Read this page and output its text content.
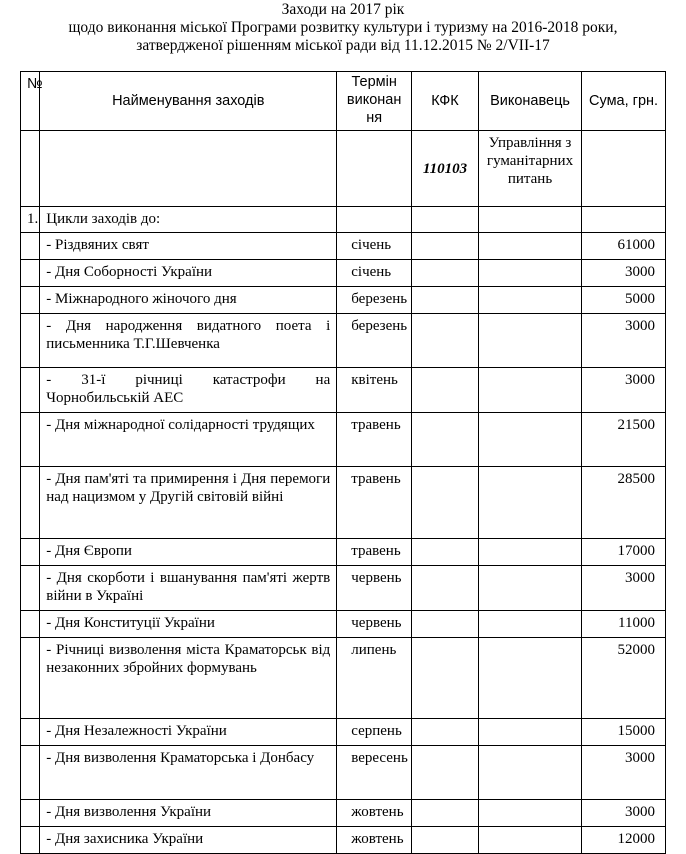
Заходи на 2017 рік
щодо виконання міської Програми розвитку культури і туризму на 2016-2018 роки,
затвердженої рішенням міської ради від 11.12.2015 № 2/VII-17
№	Найменування заходів	Термін виконан ня	КФК	Виконавець	Сума, грн.
			110103	Управління з гуманітарних питань	
1.	Цикли заходів до:				
	- Різдвяних свят	січень			61000
	- Дня Соборності України	січень			3000
	- Міжнародного жіночого дня	березень			5000
	- Дня народження видатного поета і письменника Т.Г.Шевченка	березень			3000
	- 31-ї річниці катастрофи на Чорнобильській АЕС	квітень			3000
	- Дня міжнародної солідарності трудящих	травень			21500
	- Дня пам'яті та примирення і Дня перемоги над нацизмом у Другій світовій війні	травень			28500
	- Дня Європи	травень			17000
	- Дня скорботи і вшанування пам'яті жертв війни в Україні	червень			3000
	- Дня Конституції України	червень			11000
	- Річниці визволення міста Краматорськ від незаконних збройних формувань	липень			52000
	- Дня Незалежності України	серпень			15000
	- Дня визволення Краматорська і Донбасу	вересень			3000
	- Дня визволення України	жовтень			3000
	- Дня захисника України	жовтень			12000
